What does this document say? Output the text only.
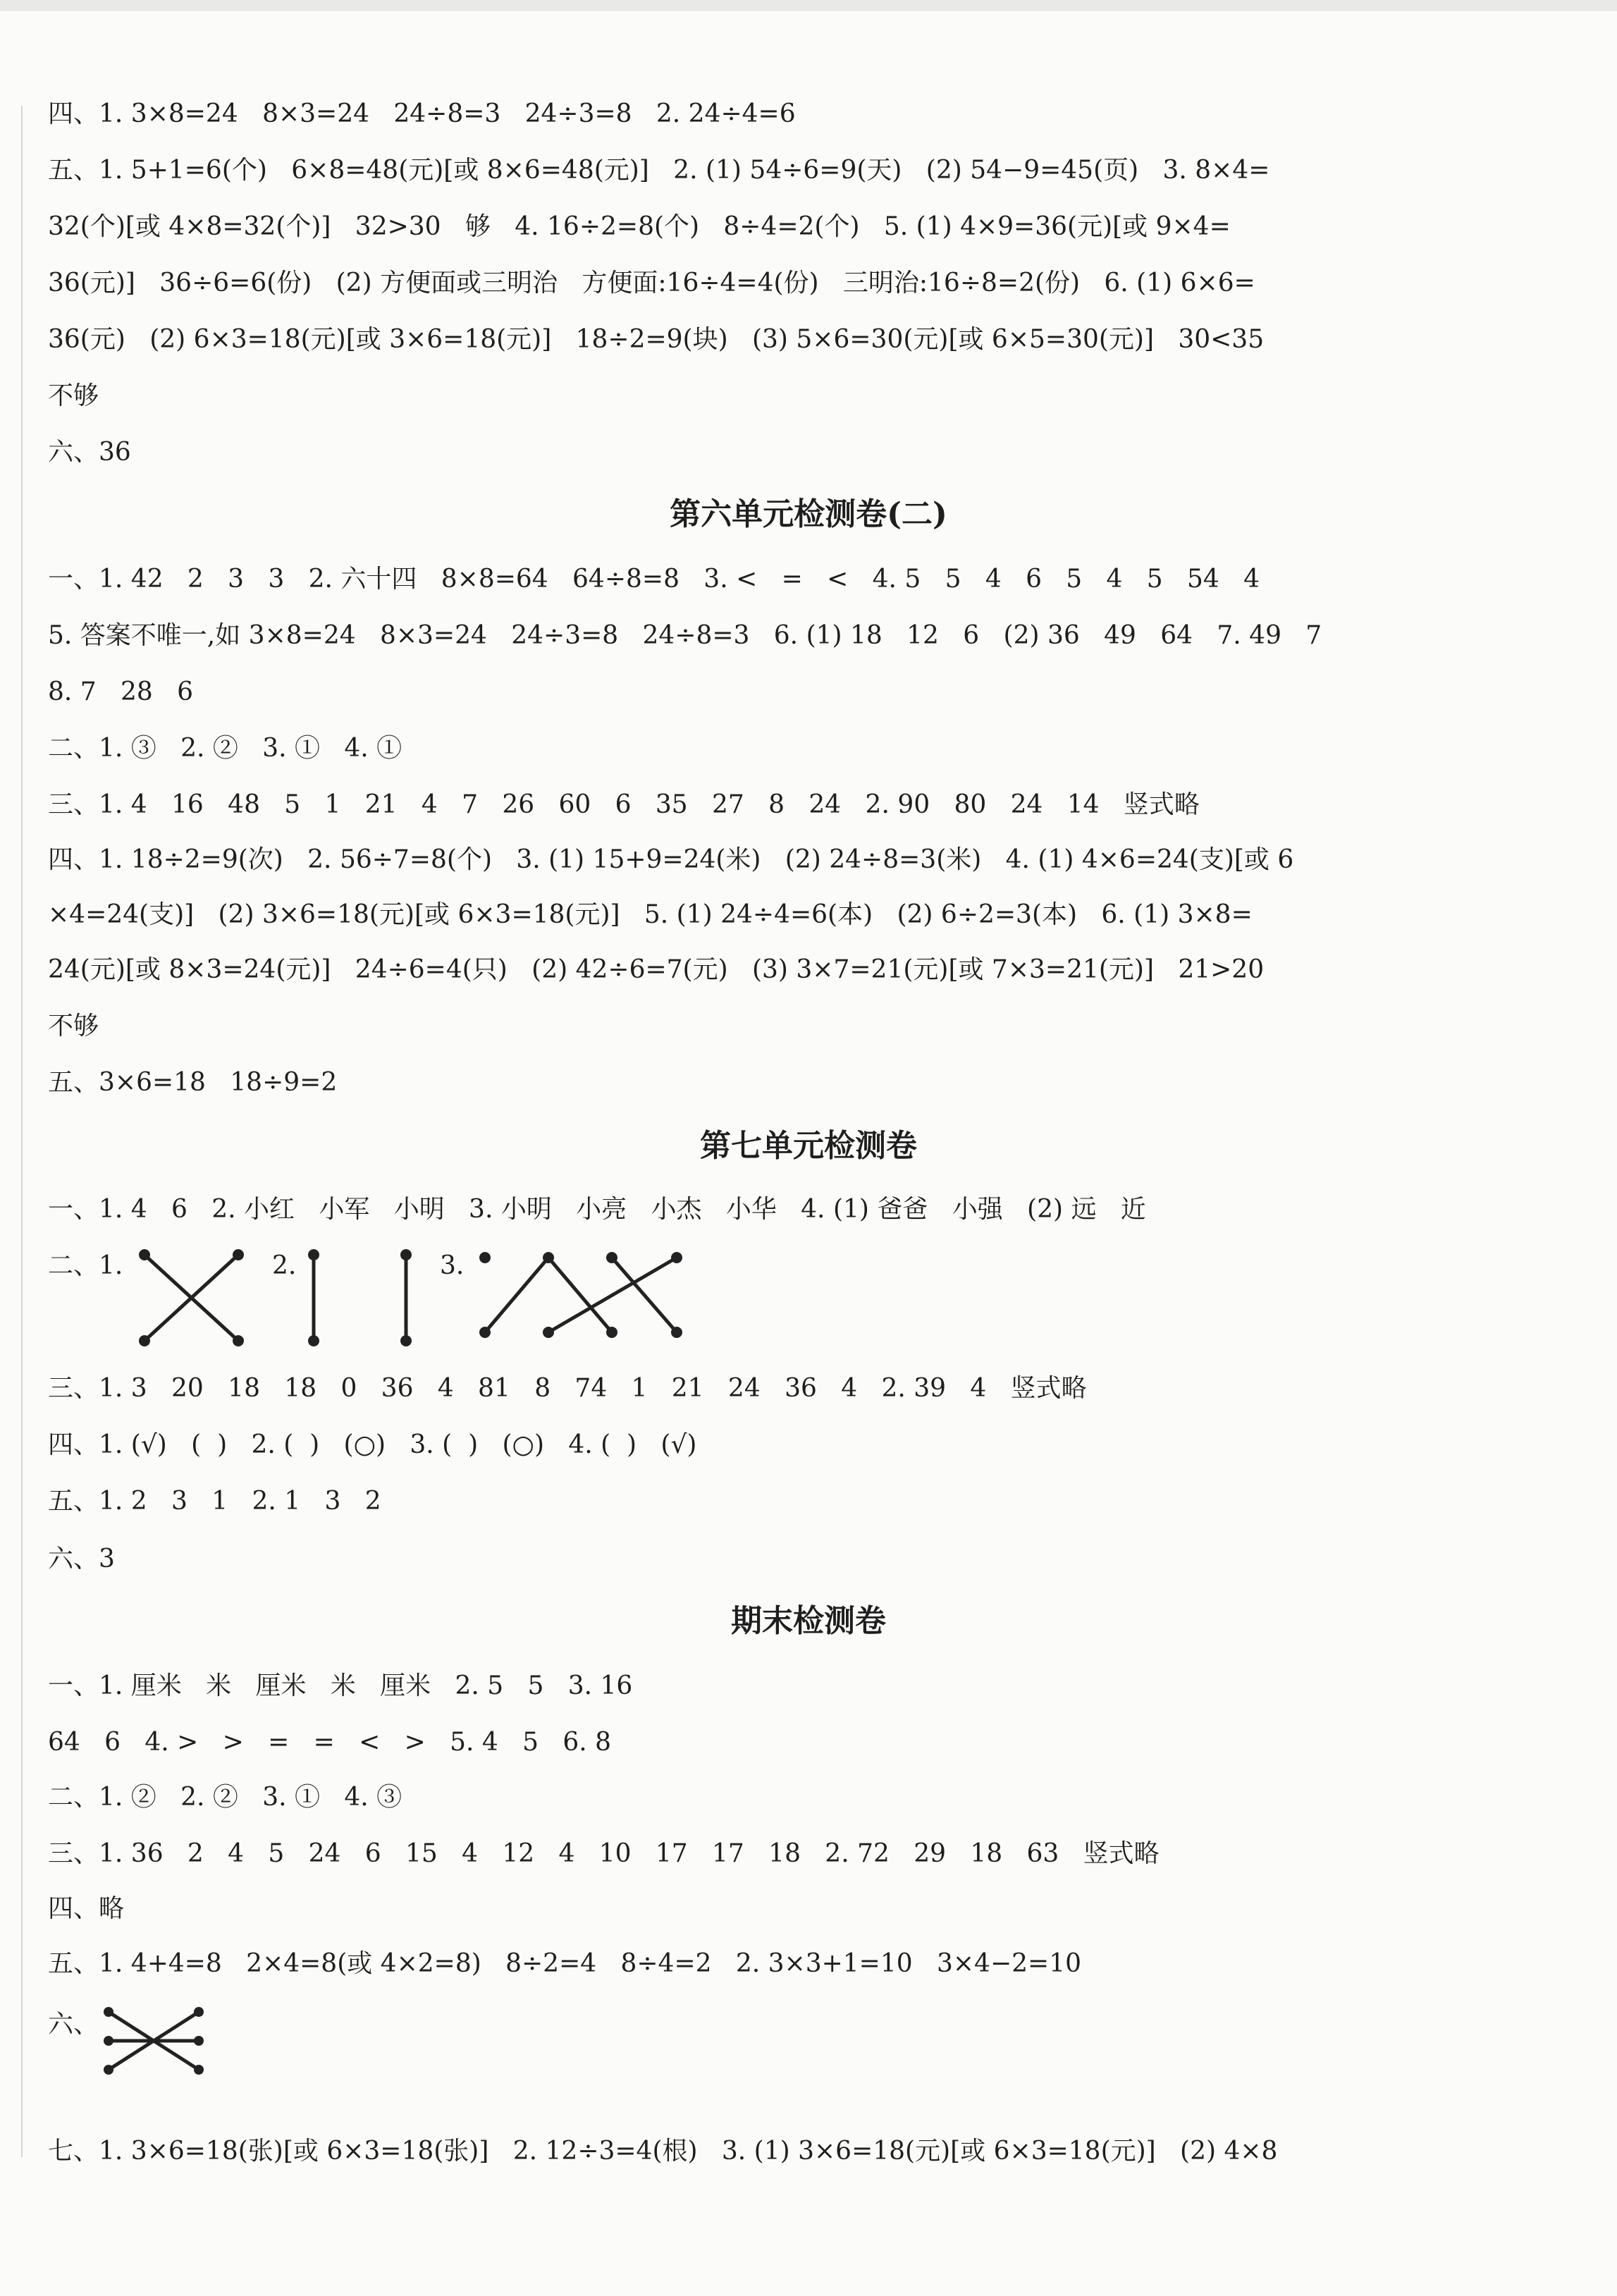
四、1. 3×8=24   8×3=24   24÷8=3   24÷3=8   2. 24÷4=6
五、1. 5+1=6(个)   6×8=48(元)[或 8×6=48(元)]   2. (1) 54÷6=9(天)   (2) 54−9=45(页)   3. 8×4=
32(个)[或 4×8=32(个)]   32>30   够   4. 16÷2=8(个)   8÷4=2(个)   5. (1) 4×9=36(元)[或 9×4=
36(元)]   36÷6=6(份)   (2) 方便面或三明治   方便面:16÷4=4(份)   三明治:16÷8=2(份)   6. (1) 6×6=
36(元)   (2) 6×3=18(元)[或 3×6=18(元)]   18÷2=9(块)   (3) 5×6=30(元)[或 6×5=30(元)]   30<35
不够
六、36
第六单元检测卷(二)
一、1. 42   2   3   3   2. 六十四   8×8=64   64÷8=8   3. <   =   <   4. 5   5   4   6   5   4   5   54   4
5. 答案不唯一,如 3×8=24   8×3=24   24÷3=8   24÷8=3   6. (1) 18   12   6   (2) 36   49   64   7. 49   7
8. 7   28   6
二、1. ③   2. ②   3. ①   4. ①
三、1. 4   16   48   5   1   21   4   7   26   60   6   35   27   8   24   2. 90   80   24   14   竖式略
四、1. 18÷2=9(次)   2. 56÷7=8(个)   3. (1) 15+9=24(米)   (2) 24÷8=3(米)   4. (1) 4×6=24(支)[或 6
×4=24(支)]   (2) 3×6=18(元)[或 6×3=18(元)]   5. (1) 24÷4=6(本)   (2) 6÷2=3(本)   6. (1) 3×8=
24(元)[或 8×3=24(元)]   24÷6=4(只)   (2) 42÷6=7(元)   (3) 3×7=21(元)[或 7×3=21(元)]   21>20
不够
五、3×6=18   18÷9=2
第七单元检测卷
一、1. 4   6   2. 小红   小军   小明   3. 小明   小亮   小杰   小华   4. (1) 爸爸   小强   (2) 远   近
二、1.	2.	3.
三、1. 3   20   18   18   0   36   4   81   8   74   1   21   24   36   4   2. 39   4   竖式略
四、1. (√)   (  )   2. (  )   (○)   3. (  )   (○)   4. (  )   (√)
五、1. 2   3   1   2. 1   3   2
六、3
期末检测卷
一、1. 厘米   米   厘米   米   厘米   2. 5   5   3. 16
64   6   4. >   >   =   =   <   >   5. 4   5   6. 8
二、1. ②   2. ②   3. ①   4. ③
三、1. 36   2   4   5   24   6   15   4   12   4   10   17   17   18   2. 72   29   18   63   竖式略
四、略
五、1. 4+4=8   2×4=8(或 4×2=8)   8÷2=4   8÷4=2   2. 3×3+1=10   3×4−2=10
六、
七、1. 3×6=18(张)[或 6×3=18(张)]   2. 12÷3=4(根)   3. (1) 3×6=18(元)[或 6×3=18(元)]   (2) 4×8
